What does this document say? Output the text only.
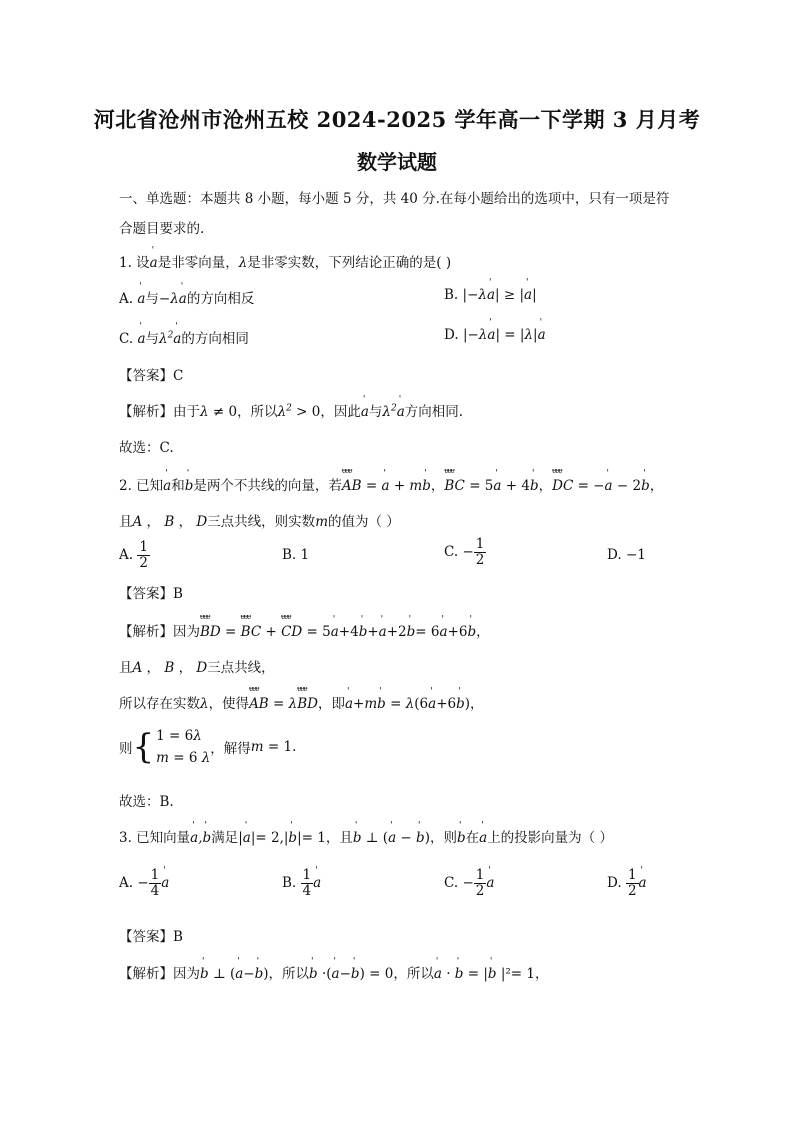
河北省沧州市沧州五校 2024-2025 学年高一下学期 3 月月考
数学试题
一、单选题：本题共 8 小题，每小题 5 分，共 40 分.在每小题给出的选项中，只有一项是符
合题目要求的.
1. 设' a是非零向量，λ是非零实数，下列结论正确的是( )
A. ' a与−λ' a的方向相反	B. |−λ' a| ≥ |' a|
C. ' a与$\lambda^2'$ a的方向相同	D. |−λ' a| = |λ|' a
【答案】C
【解析】由于λ ≠ 0，所以$\lambda^2 > 0$，因此' a与$\lambda^2'$ a方向相同.
故选：C.
2. 已知' a和' b是两个不共线的向量，若ᵾᵾᵾ AB = ' a + m' b，ᵾᵾᵾ BC = 5' a + 4' b，ᵾᵾᵾ DC = −' a − 2' b，
且A ， B ， D三点共线，则实数m的值为（ ）
A. $\frac{1}{2}$	B. 1	C. − $\frac{1}{2}$	D. −1
【答案】B
【解析】因为ᵾᵾᵾ BD = ᵾᵾᵾ BC + ᵾᵾᵾ CD = 5' a+4' b+' a+2' b= 6' a+6' b，
且A ， B ， D三点共线，
所以存在实数λ，使得ᵾᵾᵾ AB = λᵾᵾᵾ BD，即' a+m' b = λ(6' a+6' b)，
则{ 1 = 6λ
m = 6 λ
，解得m = 1.
故选：B.
3. 已知向量' a,' b满足|' a|= 2,|' b|= 1，且' b ⊥ (' a − ' b)，则' b在' a上的投影向量为（ ）
A. − $\frac{1}{4}$ ' a	B. $\frac{1}{4}$ ' a	C. − $\frac{1}{2}$ ' a	D. $\frac{1}{2}$ ' a
【答案】B
【解析】因为' b ⊥ (' a−' b)，所以' b ·(' a−' b) = 0，所以' a · ' b = |' b |²= 1，
